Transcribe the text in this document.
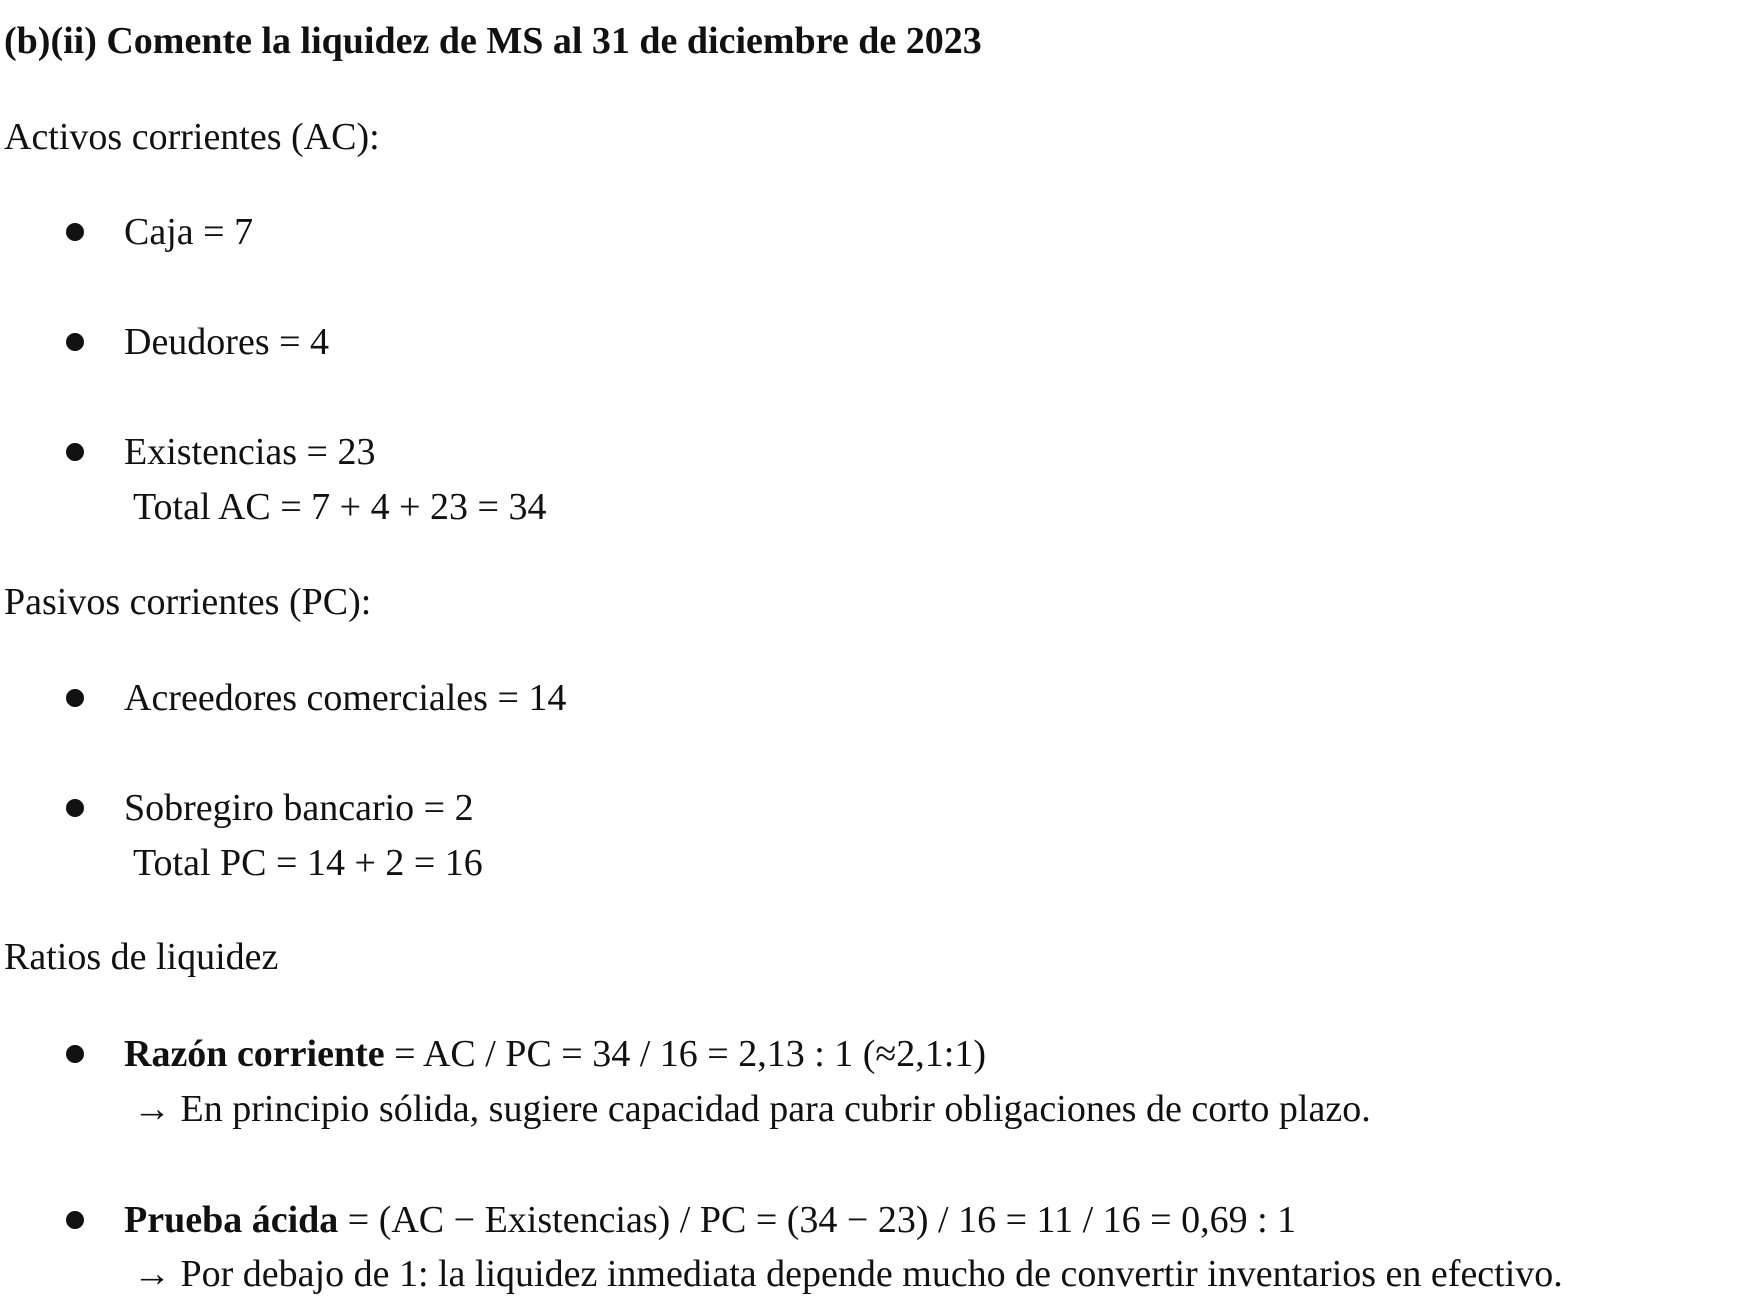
(b)(ii) Comente la liquidez de MS al 31 de diciembre de 2023
Activos corrientes (AC):
Caja = 7
Deudores = 4
Existencias = 23
Total AC = 7 + 4 + 23 = 34
Pasivos corrientes (PC):
Acreedores comerciales = 14
Sobregiro bancario = 2
Total PC = 14 + 2 = 16
Ratios de liquidez
Razón corriente = AC / PC = 34 / 16 = 2,13 : 1 (≈2,1:1)
→ En principio sólida, sugiere capacidad para cubrir obligaciones de corto plazo.
Prueba ácida = (AC − Existencias) / PC = (34 − 23) / 16 = 11 / 16 = 0,69 : 1
→ Por debajo de 1: la liquidez inmediata depende mucho de convertir inventarios en efectivo.
